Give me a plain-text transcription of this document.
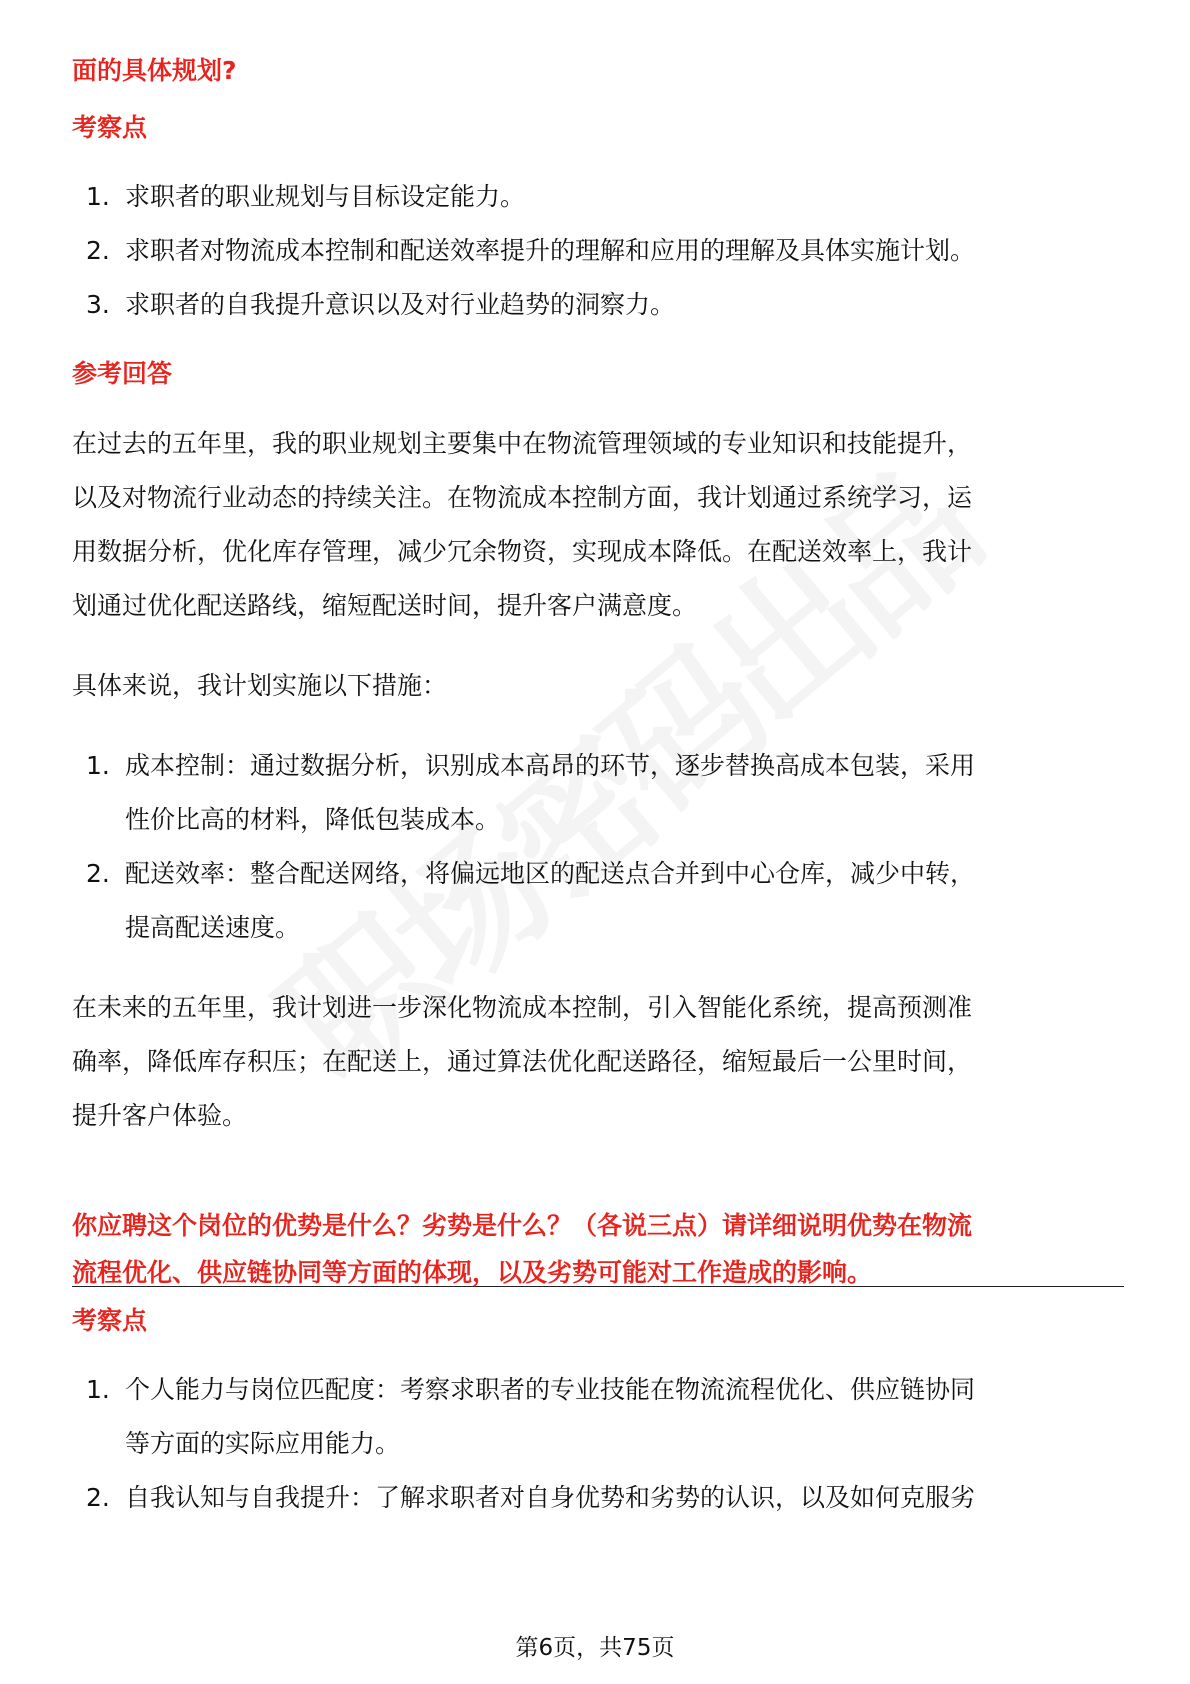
面的具体规划?
考察点
1. 求职者的职业规划与目标设定能力。
2. 求职者对物流成本控制和配送效率提升的理解和应用的理解及具体实施计划。
3. 求职者的自我提升意识以及对行业趋势的洞察力。
参考回答
在过去的五年里，我的职业规划主要集中在物流管理领域的专业知识和技能提升，
以及对物流行业动态的持续关注。在物流成本控制方面，我计划通过系统学习，运
用数据分析，优化库存管理，减少冗余物资，实现成本降低。在配送效率上，我计
划通过优化配送路线，缩短配送时间，提升客户满意度。
具体来说，我计划实施以下措施：
1. 成本控制：通过数据分析，识别成本高昂的环节，逐步替换高成本包装，采用
性价比高的材料，降低包装成本。
2. 配送效率：整合配送网络，将偏远地区的配送点合并到中心仓库，减少中转，
提高配送速度。
在未来的五年里，我计划进一步深化物流成本控制，引入智能化系统，提高预测准
确率，降低库存积压；在配送上，通过算法优化配送路径，缩短最后一公里时间，
提升客户体验。
你应聘这个岗位的优势是什么？劣势是什么？（各说三点）请详细说明优势在物流
流程优化、供应链协同等方面的体现，以及劣势可能对工作造成的影响。
考察点
1. 个人能力与岗位匹配度：考察求职者的专业技能在物流流程优化、供应链协同
等方面的实际应用能力。
2. 自我认知与自我提升：了解求职者对自身优势和劣势的认识，以及如何克服劣
第6页，共75页
